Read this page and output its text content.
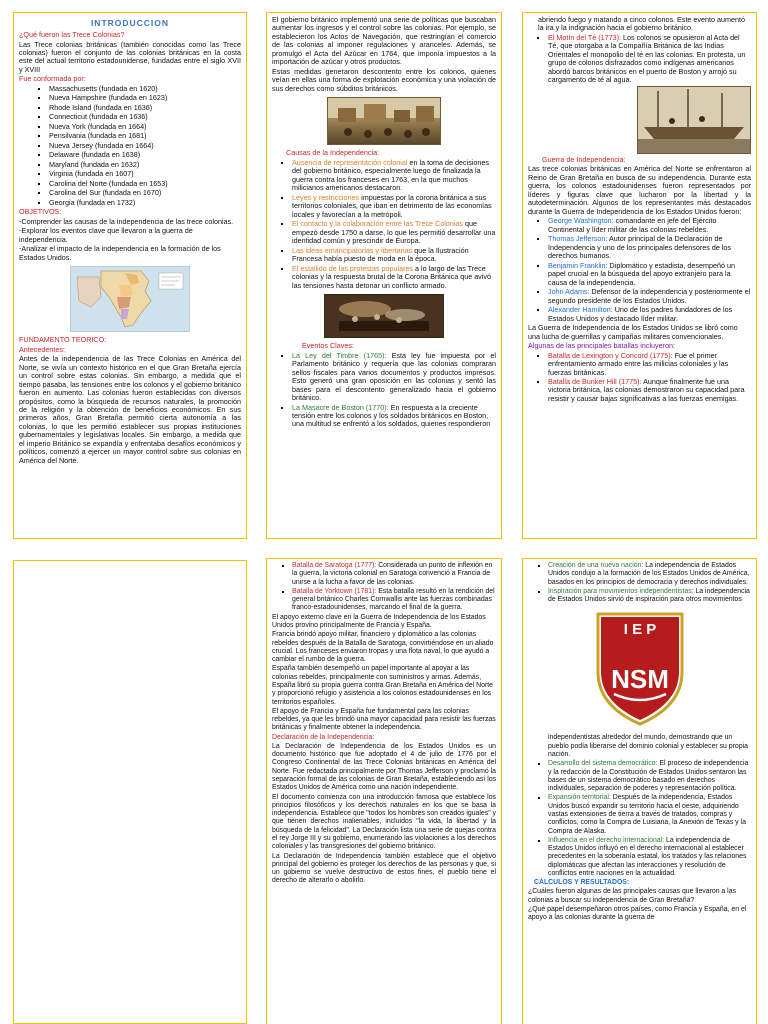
INTRODUCCION
¿Qué fueron las Trece Colonias?
Las Trece colonias británicas (también conocidas como las Trece colonias) fueron el conjunto de las colonias británicas en la costa este del actual territorio estadounidense, fundadas entre el siglo XVII y XVIII
Fue conformada por:
▪ Massachusetts (fundada en 1620)
▪ Nueva Hampshire (fundada en 1623)
▪ Rhode Island (fundada en 1636)
▪ Connecticut (fundada en 1636)
▪ Nueva York (fundada en 1664)
▪ Pensilvania (fundada en 1681)
▪ Nueva Jersey (fundada en 1664)
▪ Delaware (fundada en 1638)
▪ Maryland (fundada en 1632)
▪ Virginia (fundada en 1607)
▪ Carolina del Norte (fundada en 1653)
▪ Carolina del Sur (fundada en 1670)
▪ Georgia (fundada en 1732)
OBJETIVOS:
-Comprender las causas de la independencia de las trece colonias.
-Explorar los eventos clave que llevaron a la guerra de independencia.
-Analizar el impacto de la independencia en la formación de los Estados Unidos.
FUNDAMENTO TEORICO:
Antecedentes:
Antes de la independencia de las Trece Colonias en América del Norte, se vivía un contexto histórico en el que Gran Bretaña ejercía un control sobre estas colonias. Sin embargo, a medida que el tiempo pasaba, las tensiones entre los colonos y el gobierno británico fueron en aumento. Las colonias fueron establecidas con diversos propósitos, como la búsqueda de recursos naturales, la promoción de la religión y la obtención de beneficios económicos. En sus primeros años, Gran Bretaña permitió cierta autonomía a las colonias, lo que les permitió establecer sus propias instituciones gubernamentales y legislativas locales. Sin embargo, a medida que el imperio Británico se expandía y enfrentaba desafíos económicos y políticos, comenzó a ejercer un mayor control sobre sus colonias en América del Norte.
El gobierno británico implementó una serie de políticas que buscaban aumentar los ingresos y el control sobre las colonias. Por ejemplo, se establecieron los Actos de Navegación, que restringían el comercio de las colonias al imponer regulaciones y aranceles. Además, se promulgó el Acta del Azúcar en 1764, que imponía impuestos a la importación de azúcar y otros productos.
Estas medidas generaron descontento entre los colonos, quienes veían en ellas una forma de explotación económica y una violación de sus derechos como súbditos británicos.
Causas de la Independencia:
▪ Ausencia de representación colonial en la toma de decisiones del gobierno británico, especialmente luego de finalizada la guerra contra los franceses en 1763, en la que muchos milicianos americanos destacaron.
▪ Leyes y restricciones impuestas por la corona británica a sus territorios coloniales, que iban en detrimento de las economías locales y favorecían a la metrópoli.
▪ El contacto y la colaboración entre las Trece Colonias que empezó desde 1750 a darse, lo que les permitió desarrollar una identidad común y prescindir de Europa.
▪ Las ideas emancipatorias y libertarias que la Ilustración Francesa había puesto de moda en la época.
▪ El estallido de las protestas populares a lo largo de las Trece colonias y la respuesta brutal de la Corona Británica que avivó las tensiones hasta detonar un conflicto armado.
Eventos Claves:
▪ La Ley del Timbre (1765): Esta ley fue impuesta por el Parlamento británico y requería que las colonias compraran sellos fiscales para varios documentos y productos impresos. Esto generó una gran oposición en las colonias y sentó las bases para el descontento generalizado hacia el gobierno británico.
▪ La Masacre de Boston (1770): En respuesta a la creciente tensión entre los colonos y los soldados británicos en Boston, una multitud se enfrentó a los soldados, quienes respondieron
abriendo fuego y matando a cinco colonos. Este evento aumentó la ira y la indignación hacia el gobierno británico.
▪ El Motín del Té (1773): Los colonos se opusieron al Acta del Té, que otorgaba a la Compañía Británica de las Indias Orientales el monopolio del té en las colonias. En protesta, un grupo de colonos disfrazados como indígenas americanos abordó barcos británicos en el puerto de Boston y arrojó su cargamento de té al agua.
Guerra de Independencia:
Las trece colonias británicas en América del Norte se enfrentaron al Reino de Gran Bretaña en busca de su independencia. Durante esta guerra, los colonos estadounidenses fueron representados por líderes y figuras clave que lucharon por la libertad y la autodeterminación. Algunos de los representantes más destacados durante la Guerra de Independencia de los Estados Unidos fueron:
▪ George Washington: comandante en jefe del Ejército Continental y líder militar de las colonias rebeldes.
▪ Thomas Jefferson: Autor principal de la Declaración de Independencia y uno de los principales defensores de los derechos humanos.
▪ Benjamin Franklin: Diplomático y estadista, desempeñó un papel crucial en la búsqueda del apoyo extranjero para la causa de la independencia.
▪ John Adams: Defensor de la independencia y posteriormente el segundo presidente de los Estados Unidos.
▪ Alexander Hamilton: Uno de los padres fundadores de los Estados Unidos y destacado líder militar.
La Guerra de Independencia de los Estados Unidos se libró como una lucha de guerrillas y campañas militares convencionales.
Algunas de las principales batallas incluyeron:
▪ Batalla de Lexington y Concord (1775): Fue el primer enfrentamiento armado entre las milicias coloniales y las fuerzas británicas.
▪ Batalla de Bunker Hill (1775): Aunque finalmente fue una victoria británica, las colonias demostraron su capacidad para resistir y causar bajas significativas a las fuerzas enemigas.
▪ Batalla de Saratoga (1777): Considerada un punto de inflexión en la guerra, la victoria colonial en Saratoga convenció a Francia de unirse a la lucha a favor de las colonias.
▪ Batalla de Yorktown (1781): Esta batalla resultó en la rendición del general británico Charles Cornwallis ante las fuerzas combinadas franco-estadounidenses, marcando el final de la guerra.
El apoyo externo clave en la Guerra de Independencia de los Estados Unidos provino principalmente de Francia y España.
Francia brindó apoyo militar, financiero y diplomático a las colonias rebeldes después de la Batalla de Saratoga, convirtiéndose en un aliado crucial. Los franceses enviaron tropas y una flota naval, lo que ayudó a cambiar el rumbo de la guerra.
España también desempeñó un papel importante al apoyar a las colonias rebeldes, principalmente con suministros y armas. Además, España libró su propia guerra contra Gran Bretaña en América del Norte y proporcionó refugio y asistencia a los colonos estadounidenses en los territorios españoles.
El apoyo de Francia y España fue fundamental para las colonias rebeldes, ya que les brindó una mayor capacidad para resistir las fuerzas británicas y finalmente obtener la independencia.
Declaración de la Independencia:
La Declaración de Independencia de los Estados Unidos es un documento histórico que fue adoptado el 4 de julio de 1776 por el Congreso Continental de las Trece Colonias británicas en América del Norte. Fue redactada principalmente por Thomas Jefferson y proclamó la separación formal de las colonias de Gran Bretaña, estableciendo así los Estados Unidos de América como una nación independiente.
El documento comienza con una introducción famosa que establece los principios filosóficos y los derechos naturales en los que se basa la independencia. Establece que "todos los hombres son creados iguales" y que tienen derechos inalienables, incluidos "la vida, la libertad y la búsqueda de la felicidad". La Declaración lista una serie de quejas contra el rey Jorge III y su gobierno, enumerando las violaciones a los derechos coloniales y las transgresiones del gobierno británico.
La Declaración de Independencia también establece que el objetivo principal del gobierno es proteger los derechos de las personas y que, si un gobierno se vuelve destructivo de estos fines, el pueblo tiene el derecho de alterarlo o abolirlo.
▪ Creación de una nueva nación: La independencia de Estados Unidos condujo a la formación de los Estados Unidos de América, basados en los principios de democracia y derechos individuales.
▪ Inspiración para movimientos independentistas: La independencia de Estados Unidos sirvió de inspiración para otros movimientos
I E P
NSM
independentistas alrededor del mundo, demostrando que un pueblo podía liberarse del dominio colonial y establecer su propia nación.
▪ Desarrollo del sistema democrático: El proceso de independencia y la redacción de la Constitución de Estados Unidos sentaron las bases de un sistema democrático basado en derechos individuales, separación de poderes y representación política.
▪ Expansión territorial: Después de la independencia, Estados Unidos buscó expandir su territorio hacia el oeste, adquiriendo vastas extensiones de tierra a través de tratados, compras y conflictos, como la Compra de Luisiana, la Anexión de Texas y la Compra de Alaska.
▪ Influencia en el derecho internacional: La independencia de Estados Unidos influyó en el derecho internacional al establecer precedentes en la soberanía estatal, los tratados y las relaciones diplomáticas que afectan las interacciones y resolución de conflictos entre naciones en la actualidad.
CÁLCULOS Y RESULTADOS:
¿Cuáles fueron algunas de las principales causas que llevaron a las colonias a buscar su independencia de Gran Bretaña?
¿Qué papel desempeñaron otros países, como Francia y España, en el apoyo a las colonias durante la guerra de
